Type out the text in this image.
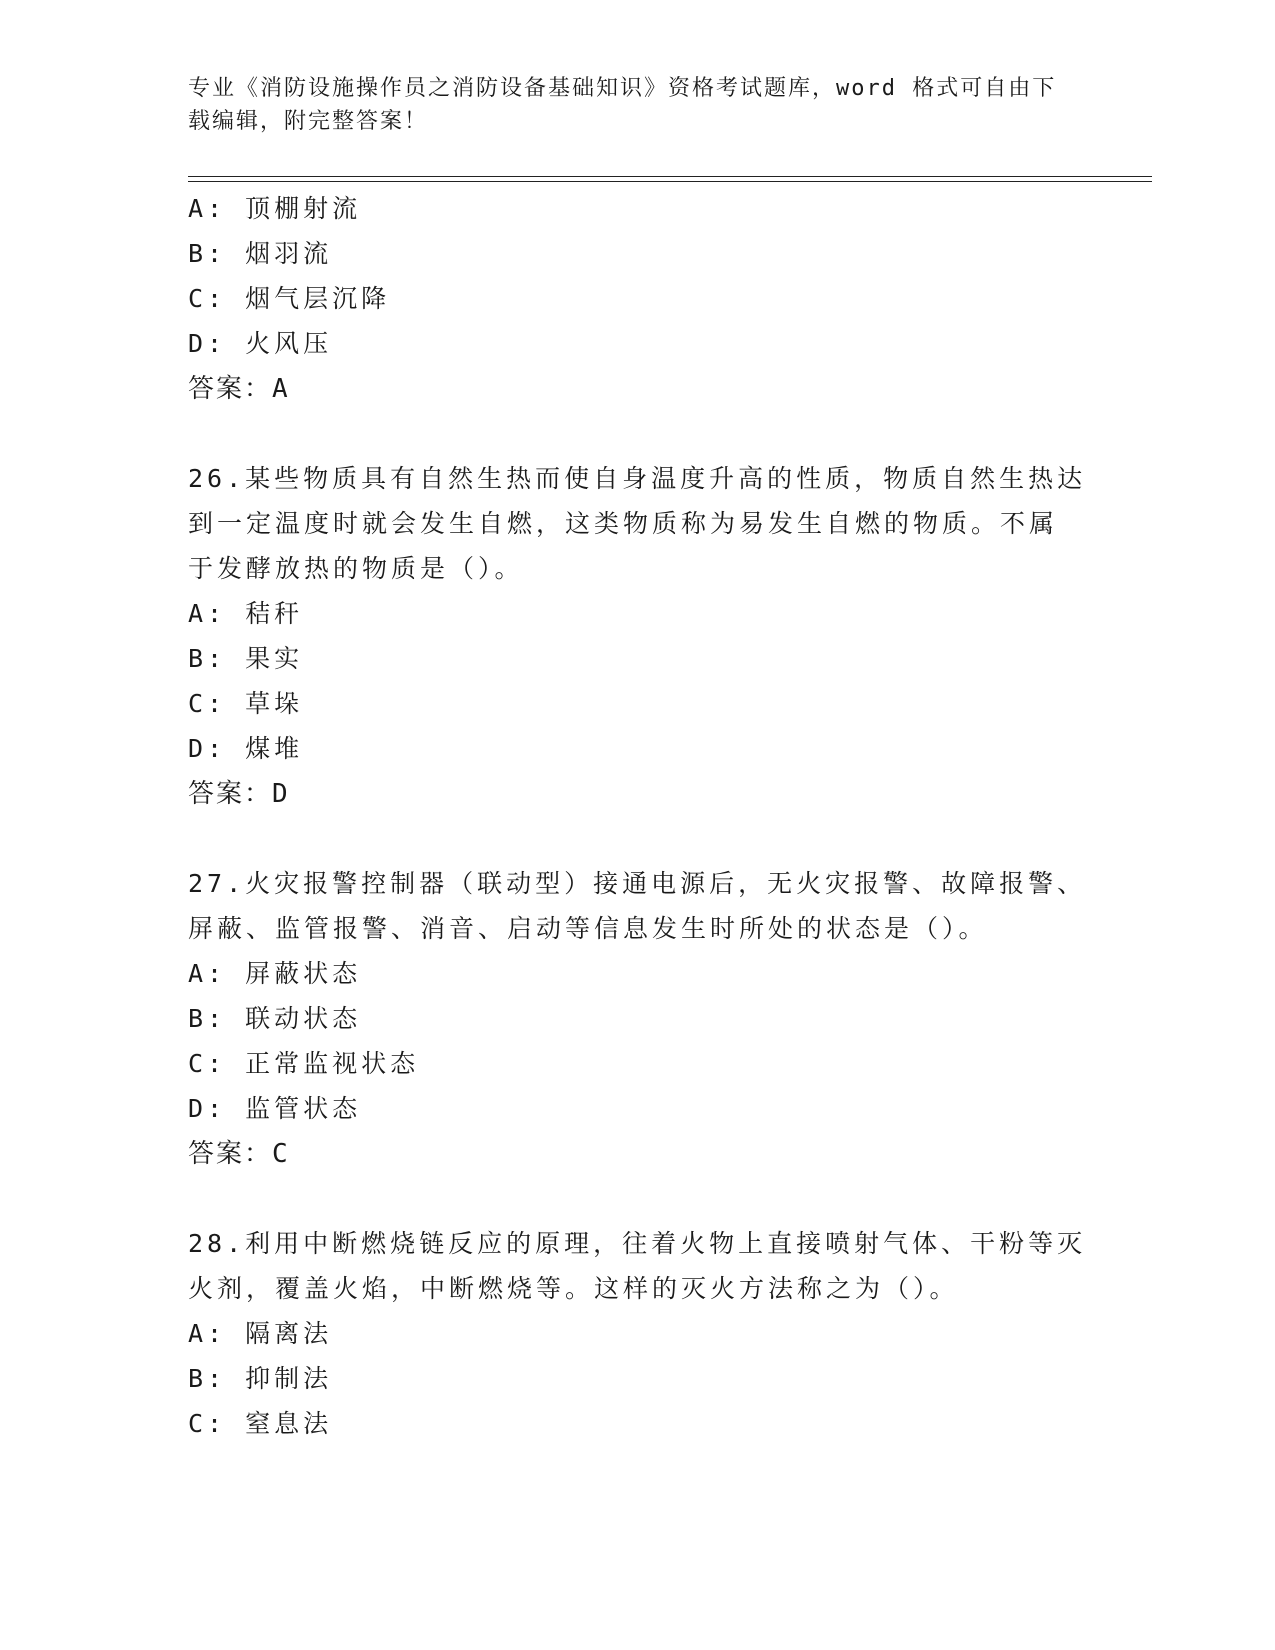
专业《消防设施操作员之消防设备基础知识》资格考试题库，word 格式可自由下
载编辑，附完整答案！
A: 顶棚射流
B: 烟羽流
C: 烟气层沉降
D: 火风压
答案：A
26.某些物质具有自然生热而使自身温度升高的性质，物质自然生热达
到一定温度时就会发生自燃，这类物质称为易发生自燃的物质。不属
于发酵放热的物质是（）。
A: 秸秆
B: 果实
C: 草垛
D: 煤堆
答案：D
27.火灾报警控制器（联动型）接通电源后，无火灾报警、故障报警、
屏蔽、监管报警、消音、启动等信息发生时所处的状态是（）。
A: 屏蔽状态
B: 联动状态
C: 正常监视状态
D: 监管状态
答案：C
28.利用中断燃烧链反应的原理，往着火物上直接喷射气体、干粉等灭
火剂，覆盖火焰，中断燃烧等。这样的灭火方法称之为（）。
A: 隔离法
B: 抑制法
C: 窒息法
